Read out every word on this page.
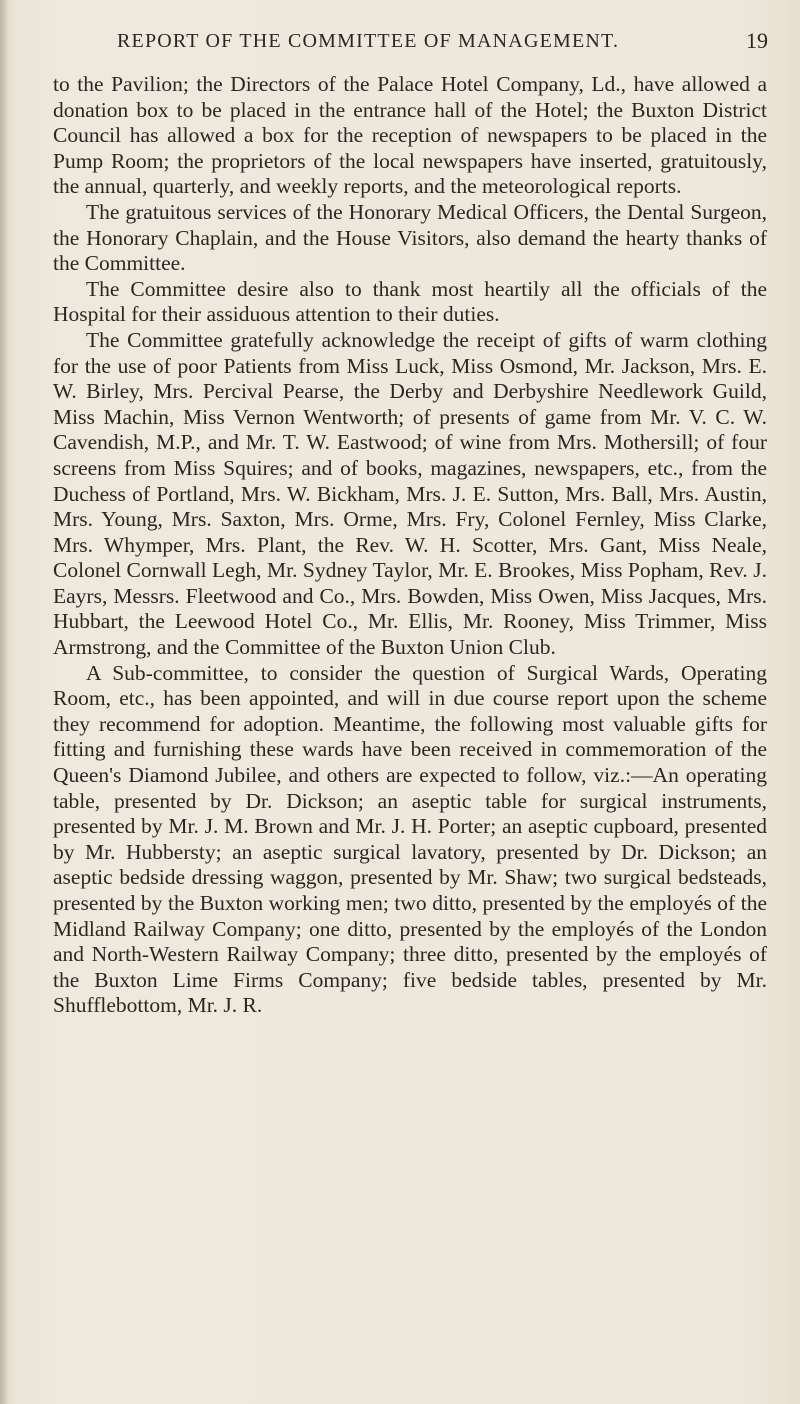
REPORT OF THE COMMITTEE OF MANAGEMENT.	19

to the Pavilion; the Directors of the Palace Hotel Company, Ld., have allowed a donation box to be placed in the entrance hall of the Hotel; the Buxton District Council has allowed a box for the reception of newspapers to be placed in the Pump Room; the proprietors of the local newspapers have inserted, gratuitously, the annual, quarterly, and weekly reports, and the meteorological reports.

The gratuitous services of the Honorary Medical Officers, the Dental Surgeon, the Honorary Chaplain, and the House Visitors, also demand the hearty thanks of the Committee.

The Committee desire also to thank most heartily all the officials of the Hospital for their assiduous attention to their duties.

The Committee gratefully acknowledge the receipt of gifts of warm clothing for the use of poor Patients from Miss Luck, Miss Osmond, Mr. Jackson, Mrs. E. W. Birley, Mrs. Percival Pearse, the Derby and Derbyshire Needlework Guild, Miss Machin, Miss Vernon Wentworth; of presents of game from Mr. V. C. W. Cavendish, M.P., and Mr. T. W. Eastwood; of wine from Mrs. Mothersill; of four screens from Miss Squires; and of books, magazines, newspapers, etc., from the Duchess of Portland, Mrs. W. Bickham, Mrs. J. E. Sutton, Mrs. Ball, Mrs. Austin, Mrs. Young, Mrs. Saxton, Mrs. Orme, Mrs. Fry, Colonel Fernley, Miss Clarke, Mrs. Whymper, Mrs. Plant, the Rev. W. H. Scotter, Mrs. Gant, Miss Neale, Colonel Cornwall Legh, Mr. Sydney Taylor, Mr. E. Brookes, Miss Popham, Rev. J. Eayrs, Messrs. Fleetwood and Co., Mrs. Bowden, Miss Owen, Miss Jacques, Mrs. Hubbart, the Leewood Hotel Co., Mr. Ellis, Mr. Rooney, Miss Trimmer, Miss Armstrong, and the Committee of the Buxton Union Club.

A Sub-committee, to consider the question of Surgical Wards, Operating Room, etc., has been appointed, and will in due course report upon the scheme they recommend for adoption. Meantime, the following most valuable gifts for fitting and furnishing these wards have been received in commemoration of the Queen's Diamond Jubilee, and others are expected to follow, viz.:—An operating table, presented by Dr. Dickson; an aseptic table for surgical instruments, presented by Mr. J. M. Brown and Mr. J. H. Porter; an aseptic cupboard, presented by Mr. Hubbersty; an aseptic surgical lavatory, presented by Dr. Dickson; an aseptic bedside dressing waggon, presented by Mr. Shaw; two surgical bedsteads, presented by the Buxton working men; two ditto, presented by the employés of the Midland Railway Company; one ditto, presented by the employés of the London and North-Western Railway Company; three ditto, presented by the employés of the Buxton Lime Firms Company; five bedside tables, presented by Mr. Shufflebottom, Mr. J. R.
